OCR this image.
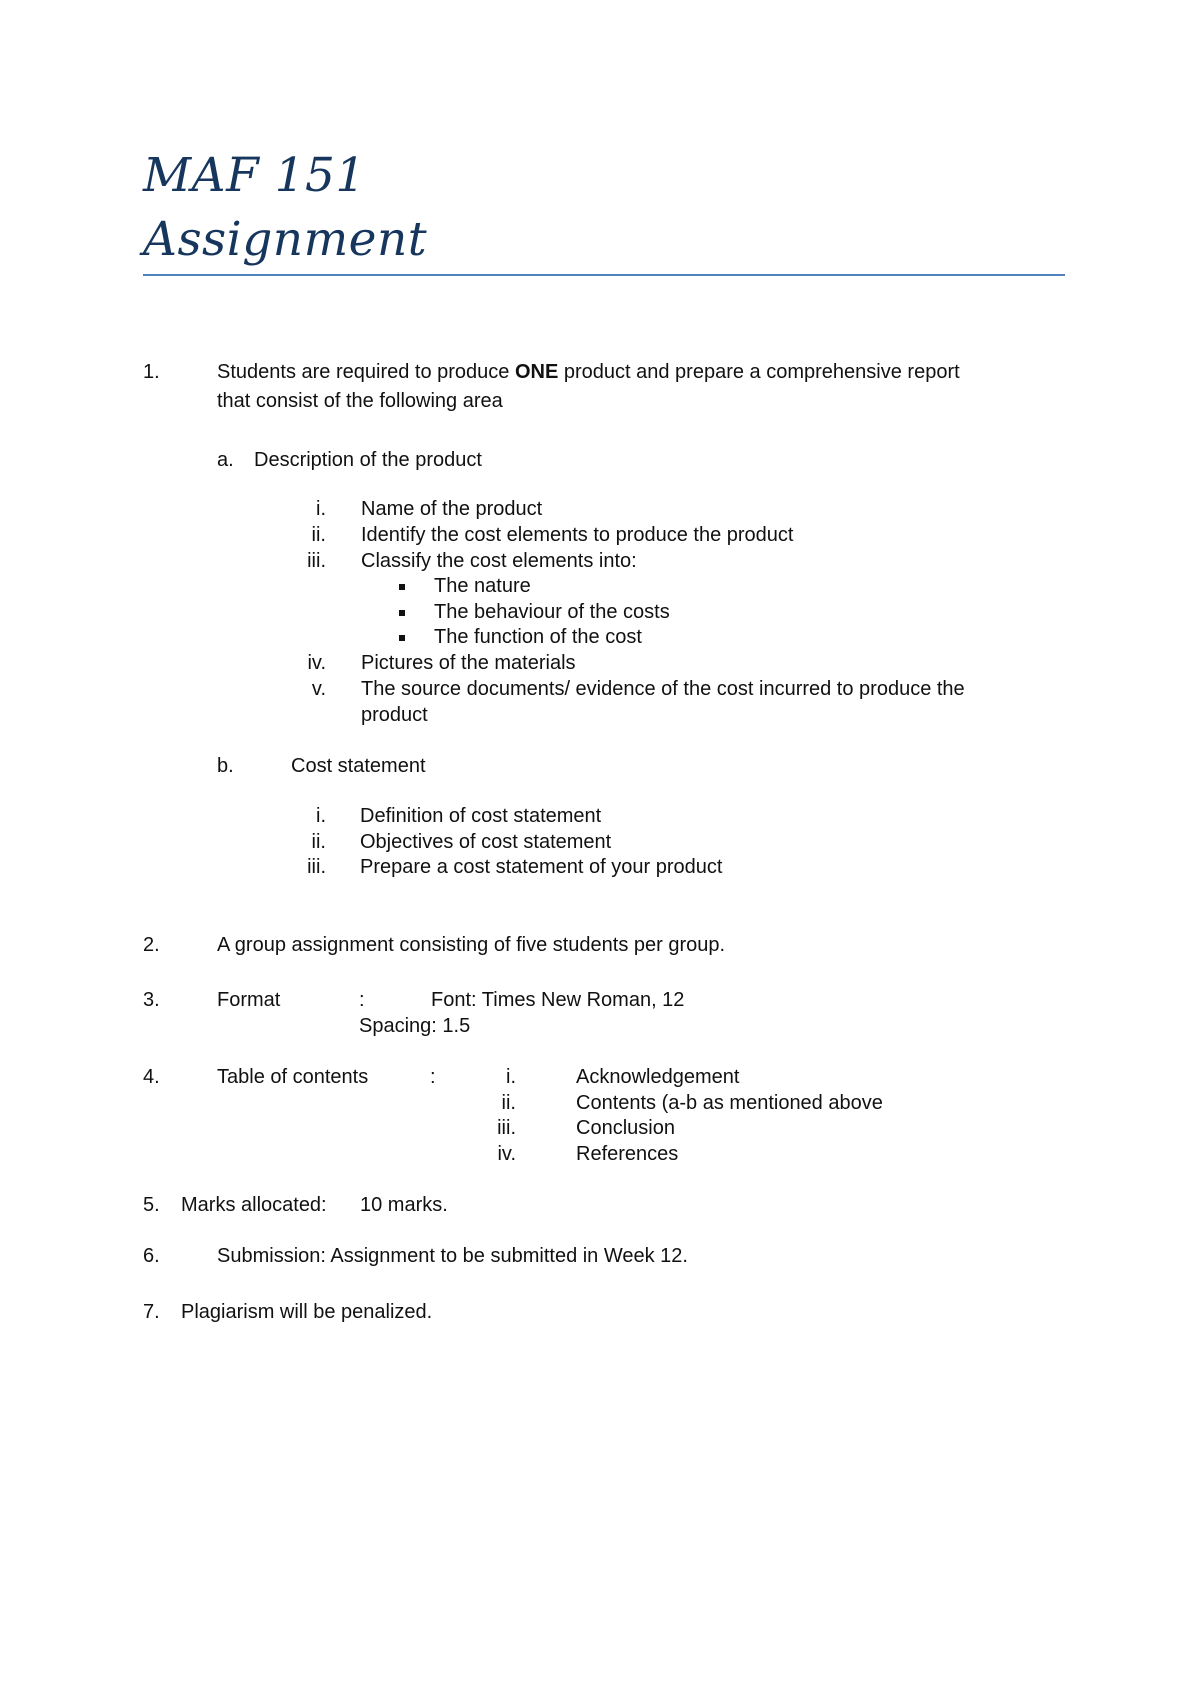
MAF 151
Assignment
1.	Students are required to produce ONE product and prepare a comprehensive report
that consist of the following area
a. Description of the product
i. Name of the product
ii. Identify the cost elements to produce the product
iii. Classify the cost elements into:
The nature
The behaviour of the costs
The function of the cost
iv. Pictures of the materials
v. The source documents/ evidence of the cost incurred to produce the
product
b.	Cost statement
i. Definition of cost statement
ii. Objectives of cost statement
iii. Prepare a cost statement of your product
2.	A group assignment consisting of five students per group.
3.	Format	:	Font: Times New Roman, 12
Spacing: 1.5
4.	Table of contents	:	i.	Acknowledgement
ii.	Contents (a-b as mentioned above
iii.	Conclusion
iv.	References
5. Marks allocated: 10 marks.
6.	Submission: Assignment to be submitted in Week 12.
7. Plagiarism will be penalized.
